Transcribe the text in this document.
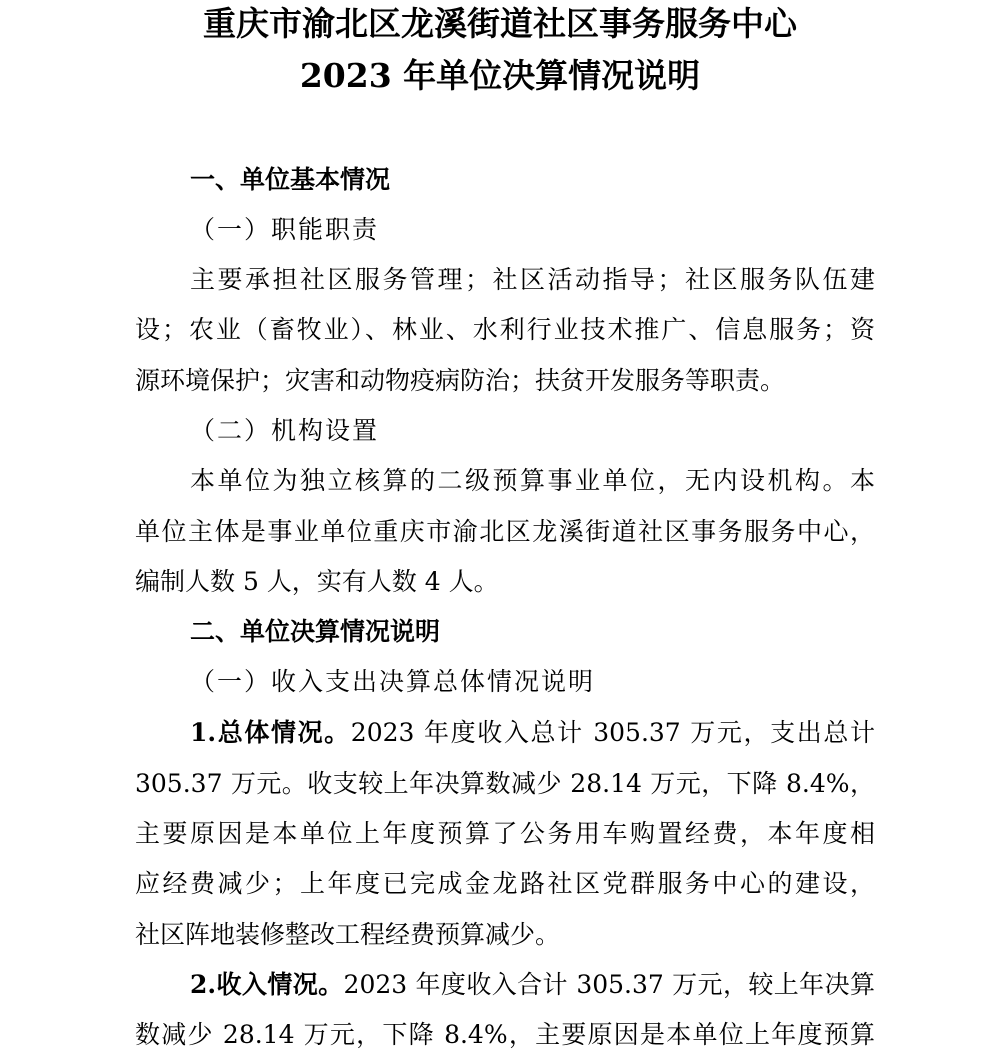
重庆市渝北区龙溪街道社区事务服务中心
2023 年单位决算情况说明
一、单位基本情况
（一）职能职责
主要承担社区服务管理；社区活动指导；社区服务队伍建
设；农业（畜牧业）、林业、水利行业技术推广、信息服务；资
源环境保护；灾害和动物疫病防治；扶贫开发服务等职责。
（二）机构设置
本单位为独立核算的二级预算事业单位，无内设机构。本
单位主体是事业单位重庆市渝北区龙溪街道社区事务服务中心，
编制人数 5 人，实有人数 4 人。
二、单位决算情况说明
（一）收入支出决算总体情况说明
1.总体情况。2023 年度收入总计 305.37 万元，支出总计
305.37 万元。收支较上年决算数减少 28.14 万元，下降 8.4%，
主要原因是本单位上年度预算了公务用车购置经费，本年度相
应经费减少；上年度已完成金龙路社区党群服务中心的建设，
社区阵地装修整改工程经费预算减少。
2.收入情况。2023 年度收入合计 305.37 万元，较上年决算
数减少 28.14 万元，下降 8.4%，主要原因是本单位上年度预算
